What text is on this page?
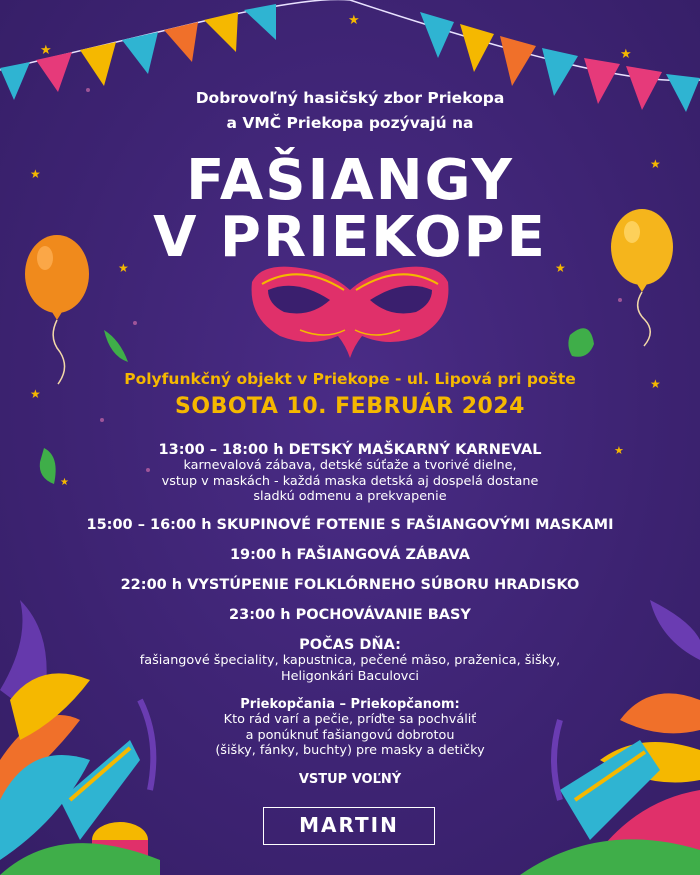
★
★
★
★
★
★	★
★
★
★
★
Dobrovoľný hasičský zbor Priekopa
a VMČ Priekopa pozývajú na
FAŠIANGY
V PRIEKOPE
Polyfunkčný objekt v Priekope - ul. Lipová pri pošte
SOBOTA 10. FEBRUÁR 2024
13:00 – 18:00 h DETSKÝ MAŠKARNÝ KARNEVAL
karnevalová zábava, detské súťaže a tvorivé dielne,
vstup v maskách - každá maska detská aj dospelá dostane
sladkú odmenu a prekvapenie
15:00 – 16:00 h SKUPINOVÉ FOTENIE S FAŠIANGOVÝMI MASKAMI
19:00 h FAŠIANGOVÁ ZÁBAVA
22:00 h VYSTÚPENIE FOLKLÓRNEHO SÚBORU HRADISKO
23:00 h POCHOVÁVANIE BASY
POČAS DŇA:
fašiangové špeciality, kapustnica, pečené mäso, praženica, šišky,
Heligonkári Baculovci
Priekopčania – Priekopčanom:
Kto rád varí a pečie, príďte sa pochváliť
a ponúknuť fašiangovú dobrotou
(šišky, fánky, buchty) pre masky a detičky
VSTUP VOĽNÝ
MARTIN
